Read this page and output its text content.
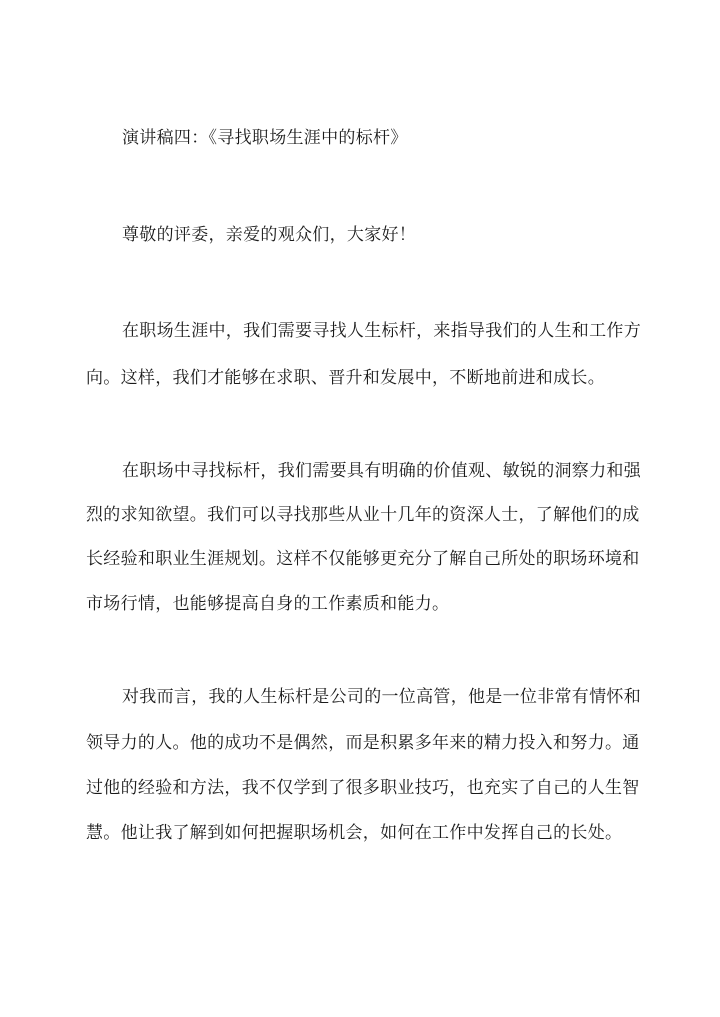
演讲稿四：《寻找职场生涯中的标杆》
尊敬的评委，亲爱的观众们，大家好！
在职场生涯中，我们需要寻找人生标杆，来指导我们的人生和工作方
向。这样，我们才能够在求职、晋升和发展中，不断地前进和成长。
在职场中寻找标杆，我们需要具有明确的价值观、敏锐的洞察力和强
烈的求知欲望。我们可以寻找那些从业十几年的资深人士，了解他们的成
长经验和职业生涯规划。这样不仅能够更充分了解自己所处的职场环境和
市场行情，也能够提高自身的工作素质和能力。
对我而言，我的人生标杆是公司的一位高管，他是一位非常有情怀和
领导力的人。他的成功不是偶然，而是积累多年来的精力投入和努力。通
过他的经验和方法，我不仅学到了很多职业技巧，也充实了自己的人生智
慧。他让我了解到如何把握职场机会，如何在工作中发挥自己的长处。
